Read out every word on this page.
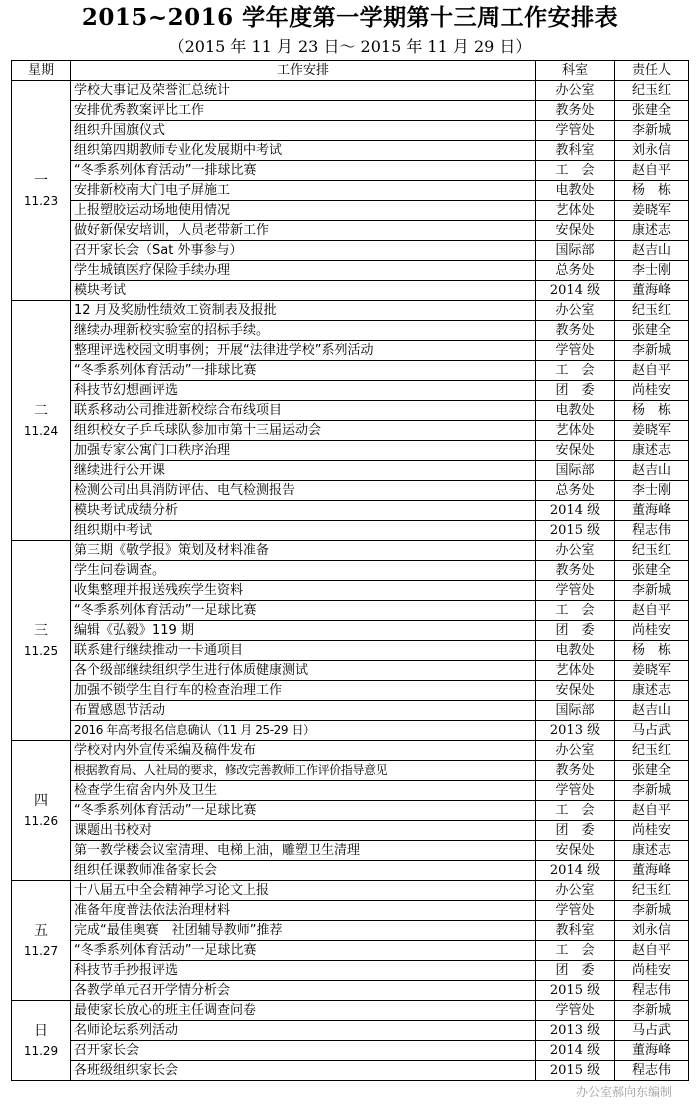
2015~2016 学年度第一学期第十三周工作安排表
（2015 年 11 月 23 日～ 2015 年 11 月 29 日）
星期	工作安排	科室	责任人

一
11.23	学校大事记及荣誉汇总统计	办公室	纪玉红
	安排优秀教案评比工作	教务处	张建全
	组织升国旗仪式	学管处	李新城
	组织第四期教师专业化发展期中考试	教科室	刘永信
	“冬季系列体育活动”一排球比赛	工　会	赵自平
	安排新校南大门电子屏施工	电教处	杨　栋
	上报塑胶运动场地使用情况	艺体处	姜晓军
	做好新保安培训，人员老带新工作	安保处	康述志
	召开家长会（Sat 外事参与）	国际部	赵吉山
	学生城镇医疗保险手续办理	总务处	李士刚
	模块考试	2014 级	董海峰

二
11.24	12 月及奖励性绩效工资制表及报批	办公室	纪玉红
	继续办理新校实验室的招标手续。	教务处	张建全
	整理评选校园文明事例；开展“法律进学校”系列活动	学管处	李新城
	“冬季系列体育活动”一排球比赛	工　会	赵自平
	科技节幻想画评选	团　委	尚桂安
	联系移动公司推进新校综合布线项目	电教处	杨　栋
	组织校女子乒乓球队参加市第十三届运动会	艺体处	姜晓军
	加强专家公寓门口秩序治理	安保处	康述志
	继续进行公开课	国际部	赵吉山
	检测公司出具消防评估、电气检测报告	总务处	李士刚
	模块考试成绩分析	2014 级	董海峰
	组织期中考试	2015 级	程志伟

三
11.25	第三期《敬学报》策划及材料准备	办公室	纪玉红
	学生问卷调查。	教务处	张建全
	收集整理并报送残疾学生资料	学管处	李新城
	“冬季系列体育活动”一足球比赛	工　会	赵自平
	编辑《弘毅》119 期	团　委	尚桂安
	联系建行继续推动一卡通项目	电教处	杨　栋
	各个级部继续组织学生进行体质健康测试	艺体处	姜晓军
	加强不锁学生自行车的检查治理工作	安保处	康述志
	布置感恩节活动	国际部	赵吉山
	2016 年高考报名信息确认（11 月 25-29 日）	2013 级	马占武

四
11.26	学校对内外宣传采编及稿件发布	办公室	纪玉红
	根据教育局、人社局的要求，修改完善教师工作评价指导意见	教务处	张建全
	检查学生宿舍内外及卫生	学管处	李新城
	“冬季系列体育活动”一足球比赛	工　会	赵自平
	课题出书校对	团　委	尚桂安
	第一教学楼会议室清理、电梯上油，雕塑卫生清理	安保处	康述志
	组织任课教师准备家长会	2014 级	董海峰

五
11.27	十八届五中全会精神学习论文上报	办公室	纪玉红
	准备年度普法依法治理材料	学管处	李新城
	完成“最佳奥赛　社团辅导教师”推荐	教科室	刘永信
	“冬季系列体育活动”一足球比赛	工　会	赵自平
	科技节手抄报评选	团　委	尚桂安
	各教学单元召开学情分析会	2015 级	程志伟

日
11.29	最使家长放心的班主任调查问卷	学管处	李新城
	名师论坛系列活动	2013 级	马占武
	召开家长会	2014 级	董海峰
	各班级组织家长会	2015 级	程志伟
办公室郝向东编制
